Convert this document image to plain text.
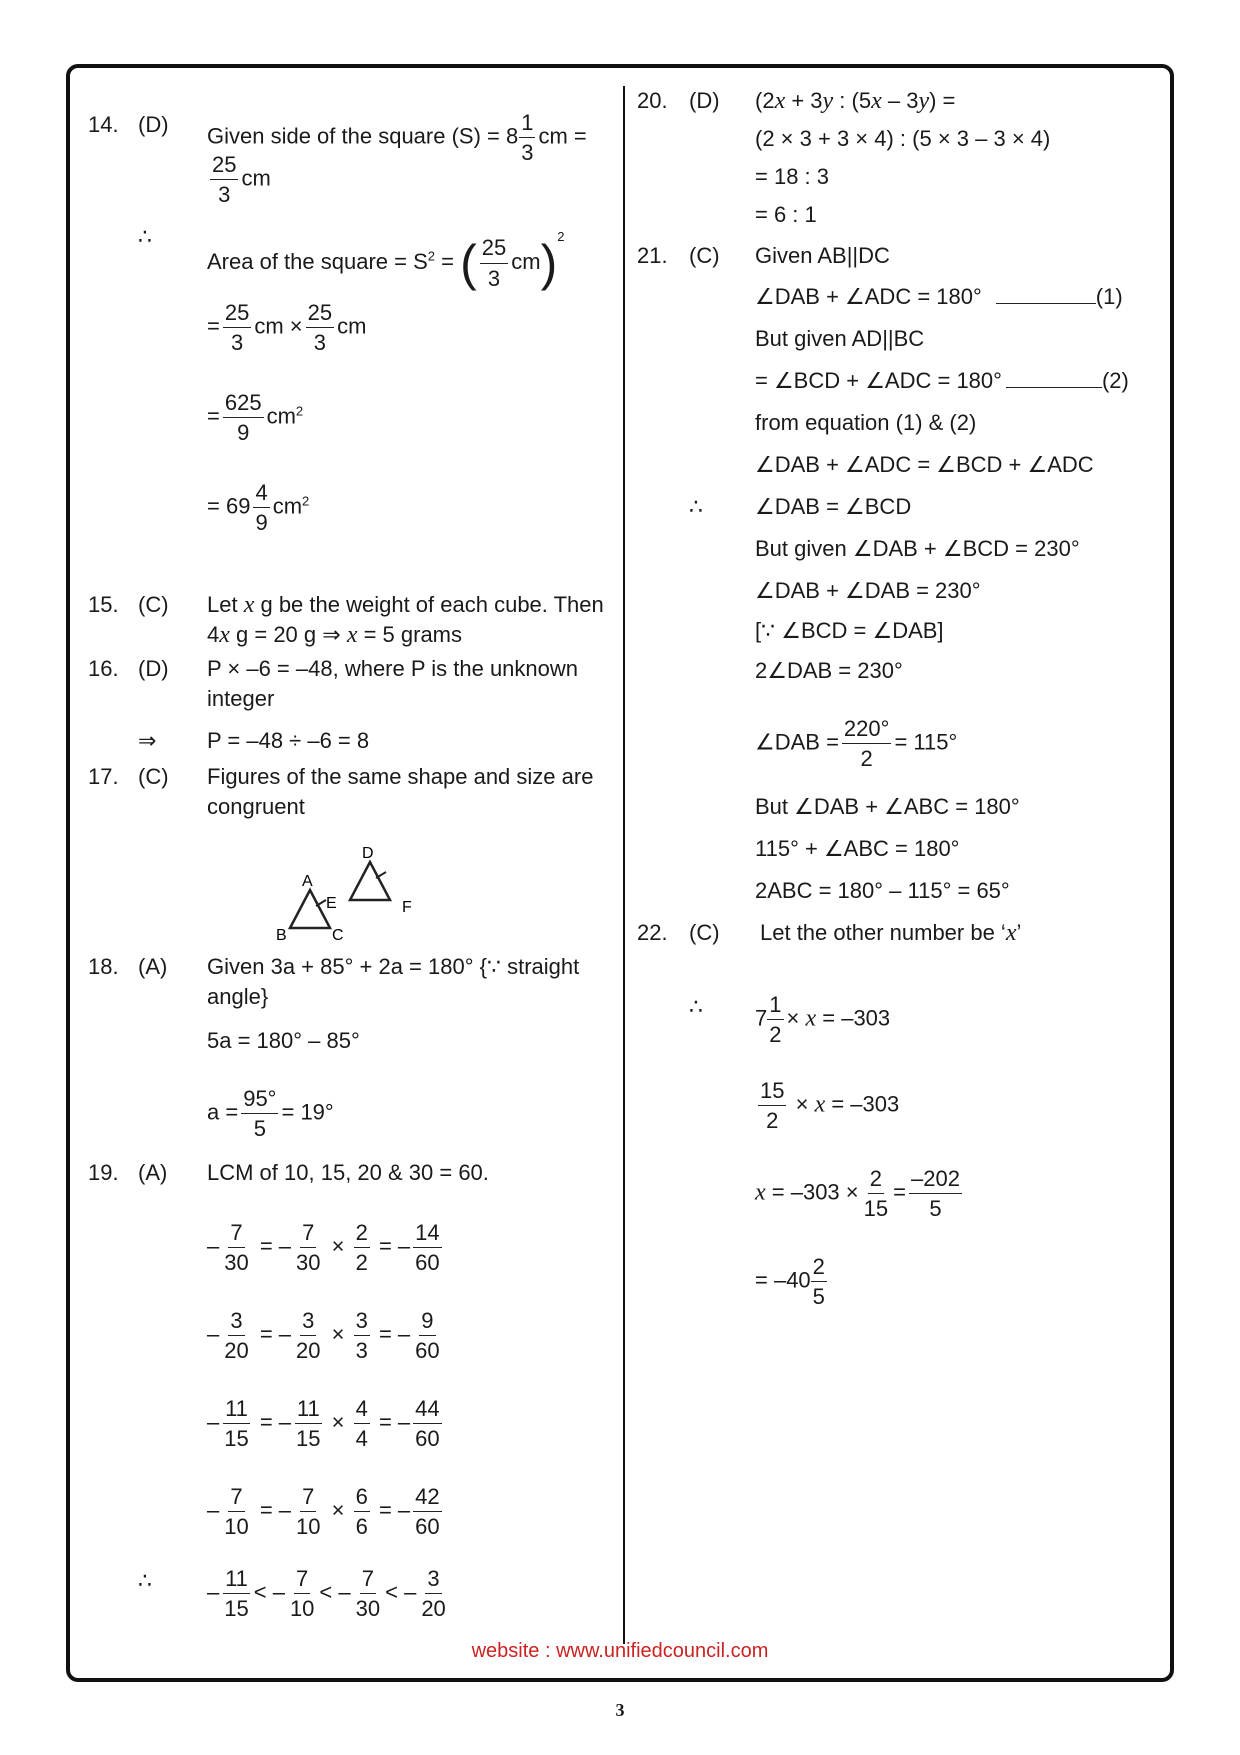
14. (D) Given side of the square $(S) = 8 \frac{1}{3}$ cm =
$\frac{25}{3}$ cm
∴
Area of the square = $S^2$ = ( $\frac{25}{3} cm)^2$
= $\frac{25}{3}$ cm × $\frac{25}{3}$ cm
= $\frac{625}{9} cm^2$
= $69 \frac{4}{9} cm^2$
15. (C) Let x g be the weight of each cube. Then
4x g = 20 g ⇒ x = 5 grams
16. (D) P × –6 = –48, where P is the unknown integer
⇒ P = –48 ÷ –6 = 8
17. (C) Figures of the same shape and size are congruent
A
B	C
D
E	F
18. (A) Given 3a + 85° + 2a = 180° {∵ straight angle}
5a = 180° – 85°
$a = \frac{95^\circ}{5} = 19^\circ$
19. (A) LCM of 10, 15, 20 & 30 = 60.
– $\frac{7}{30}$ = – $\frac{7}{30} \times \frac{2}{2}$ = – $\frac{14}{60}$
– $\frac{3}{20}$ = – $\frac{3}{20} \times \frac{3}{3}$ = – $\frac{9}{60}$
– $\frac{11}{15}$ = – $\frac{11}{15} \times \frac{4}{4}$ = – $\frac{44}{60}$
– $\frac{7}{10}$ = – $\frac{7}{10} \times \frac{6}{6}$ = – $\frac{42}{60}$
∴	– $\frac{11}{15}$ < – $\frac{7}{10}$ < – $\frac{7}{30}$ < – $\frac{3}{20}$
20. (D) (2x + 3y : (5x – 3y) =
(2 × 3 + 3 × 4) : (5 × 3 – 3 × 4)
= 18 : 3
= 6 : 1
21. (C) Given AB||DC
∠DAB + ∠ADC = 180°	(1)
But given AD||BC
= ∠BCD + ∠ADC = 180°	(2)
from equation (1) & (2)
∠DAB + ∠ADC = ∠BCD + ∠ADC
∴ ∠DAB = ∠BCD
But given ∠DAB + ∠BCD = 230°
∠DAB + ∠DAB = 230°
[∵ ∠BCD = ∠DAB]
2∠DAB = 230°
∠DAB = $\frac{220^\circ}{2} = 115^\circ$
But ∠DAB + ∠ABC = 180°
115° + ∠ABC = 180°
2ABC = 180° – 115° = 65°
22. (C) Let the other number be ‘x’
∴ $7 \frac{1}{2} \times x = -303$
$\frac{15}{2} \times x = -303$
$x = -303 \times \frac{2}{15} = \frac{-202}{5}$
= $-40 \frac{2}{5}$
website : www.unifiedcouncil.com
3
